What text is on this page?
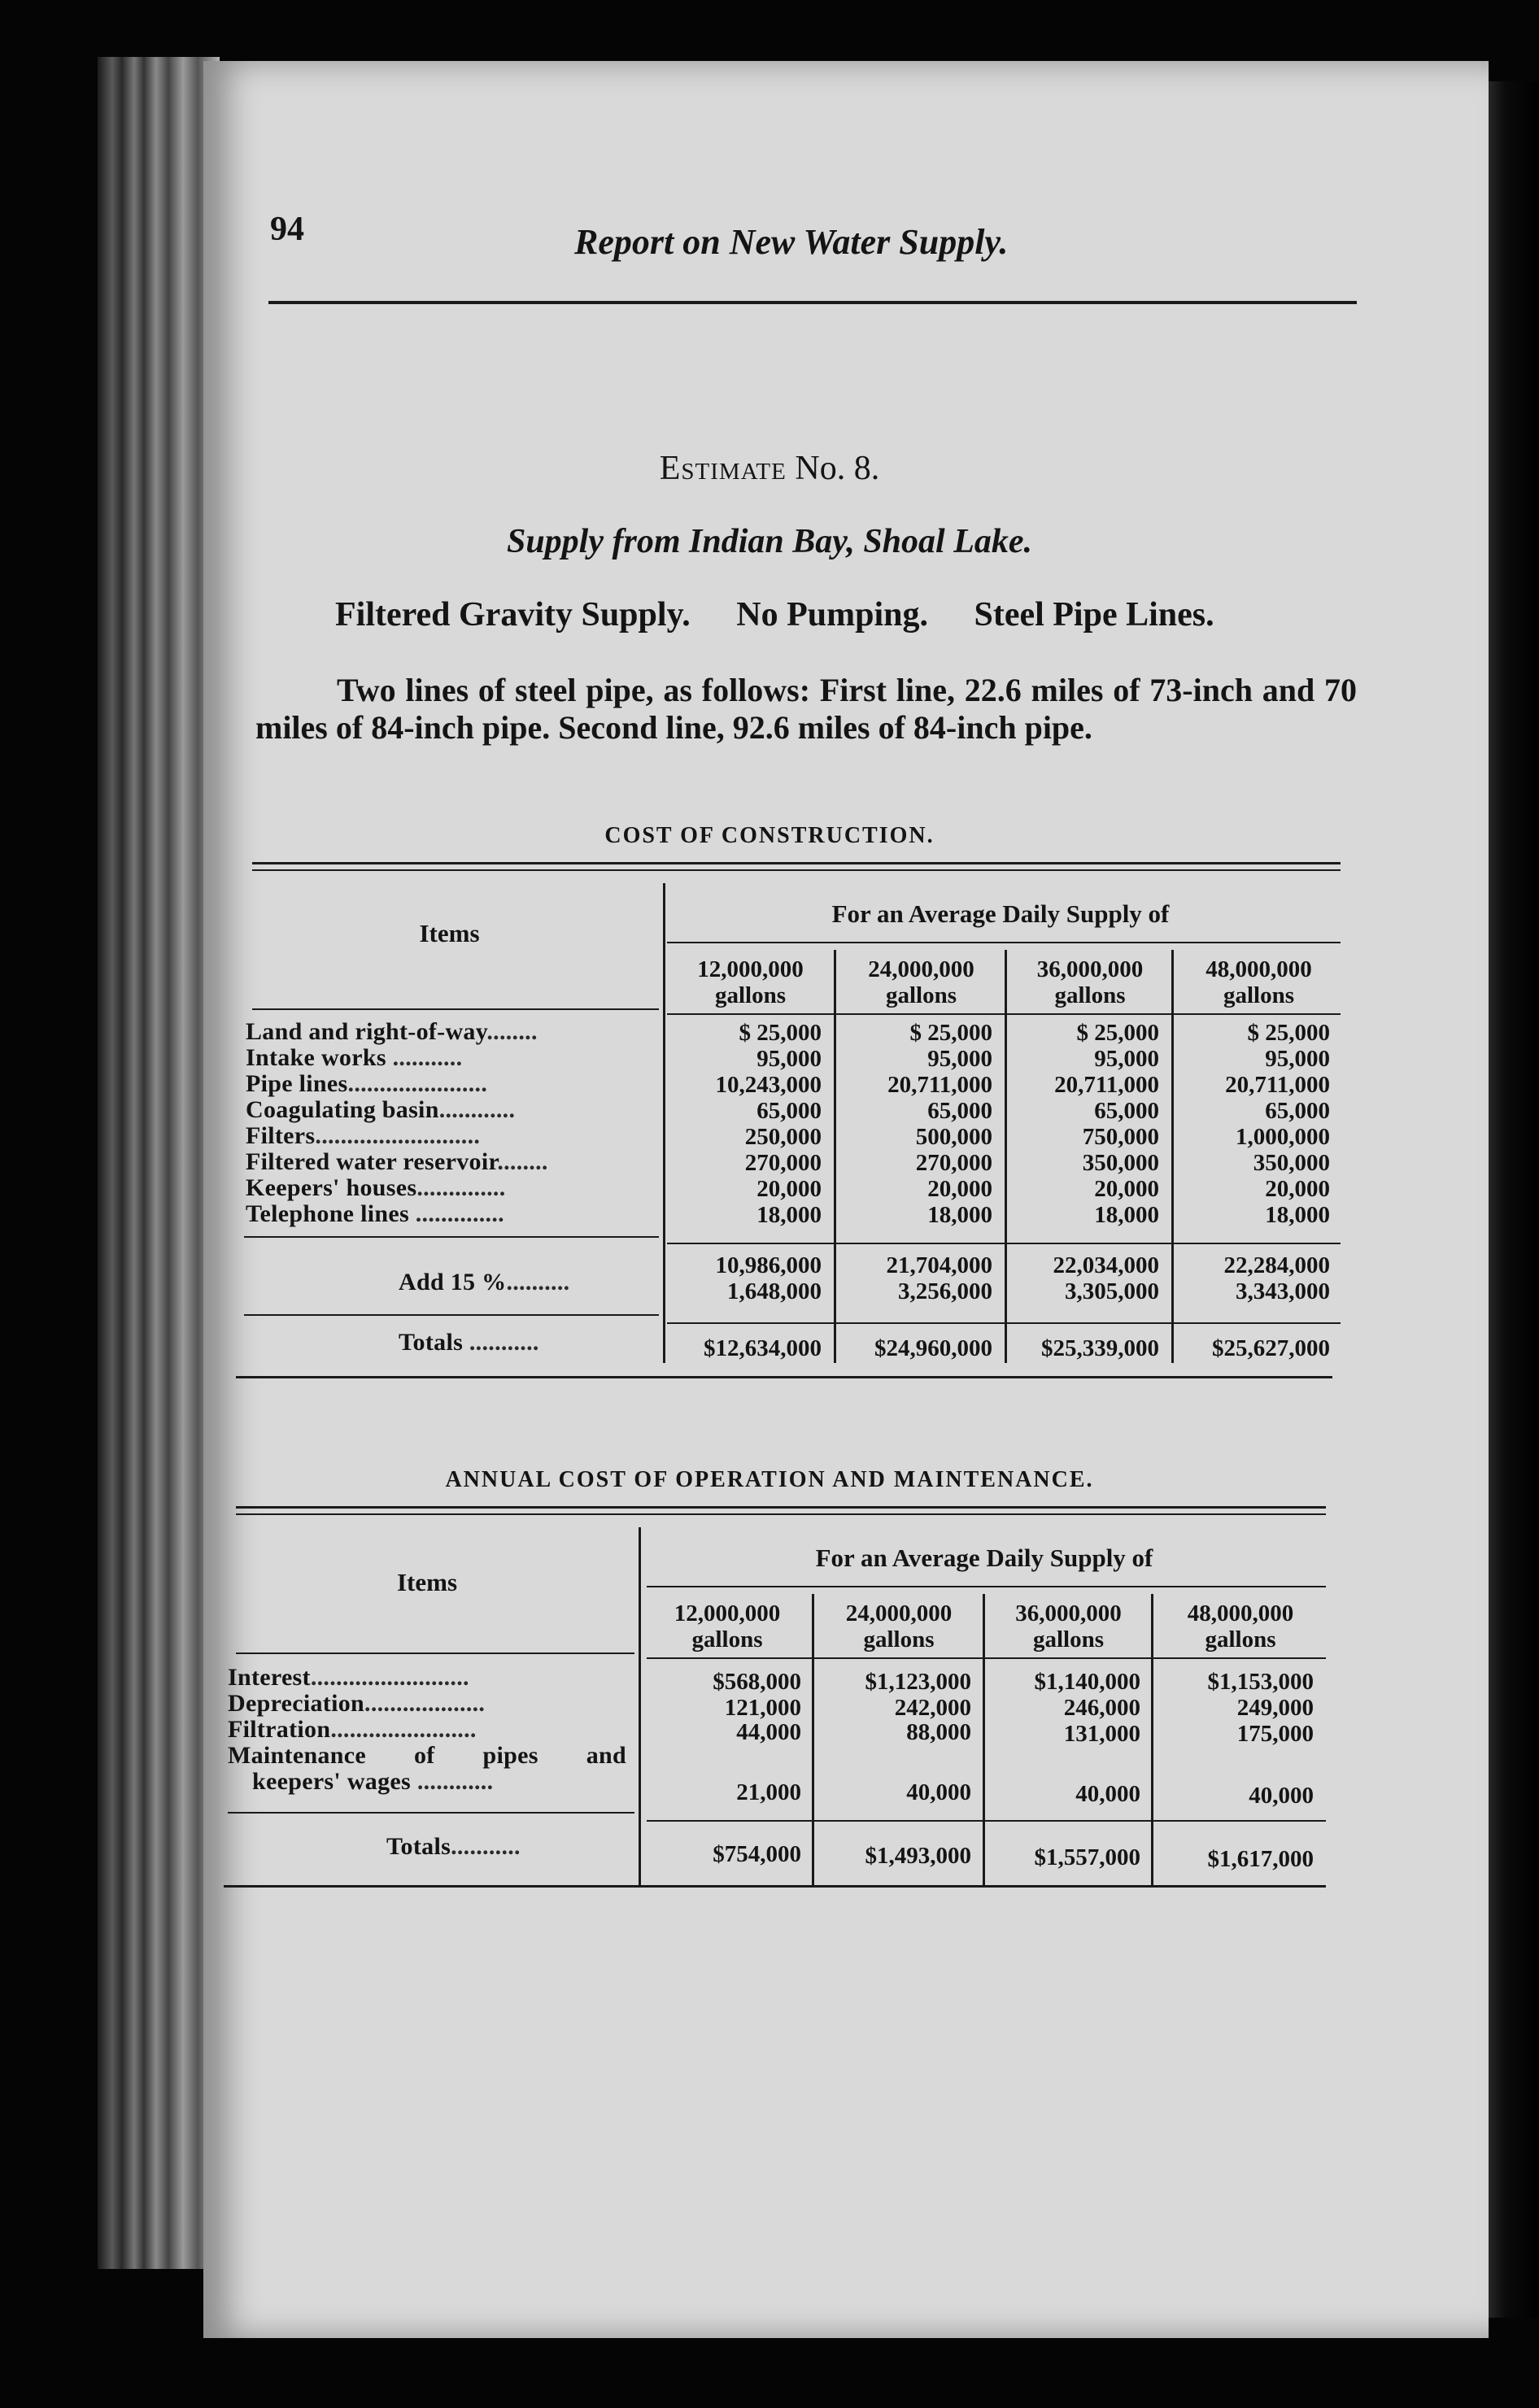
94	Report on New Water Supply.
Estimate No. 8.
Supply from Indian Bay, Shoal Lake.
Filtered Gravity Supply. No Pumping. Steel Pipe Lines.
Two lines of steel pipe, as follows: First line, 22.6 miles of 73-inch and 70 miles of 84-inch pipe. Second line, 92.6 miles of 84-inch pipe.
COST OF CONSTRUCTION.
Items
For an Average Daily Supply of
12,000,000
gallons
24,000,000
gallons
36,000,000
gallons
48,000,000
gallons
Land and right-of-way........	$ 25,000	$ 25,000	$ 25,000	$ 25,000
Intake works ...........	95,000	95,000	95,000	95,000
Pipe lines......................	10,243,000	20,711,000	20,711,000	20,711,000
Coagulating basin............	65,000	65,000	65,000	65,000
Filters..........................	250,000	500,000	750,000	1,000,000
Filtered water reservoir........	270,000	270,000	350,000	350,000
Keepers' houses..............	20,000	20,000	20,000	20,000
Telephone lines ..............	18,000	18,000	18,000	18,000
10,986,000	21,704,000	22,034,000	22,284,000
Add 15 %..........	1,648,000	3,256,000	3,305,000	3,343,000
Totals ...........	$12,634,000	$24,960,000	$25,339,000	$25,627,000
ANNUAL COST OF OPERATION AND MAINTENANCE.
Items
For an Average Daily Supply of
12,000,000
gallons
24,000,000
gallons
36,000,000
gallons
48,000,000
gallons
Interest.........................	$568,000	$1,123,000	$1,140,000	$1,153,000
Depreciation...................	121,000	242,000	246,000	249,000
Filtration.......................	44,000	88,000	131,000	175,000
Maintenance of pipes and
keepers' wages ............	21,000	40,000	40,000	40,000
Totals...........	$754,000	$1,493,000	$1,557,000	$1,617,000
